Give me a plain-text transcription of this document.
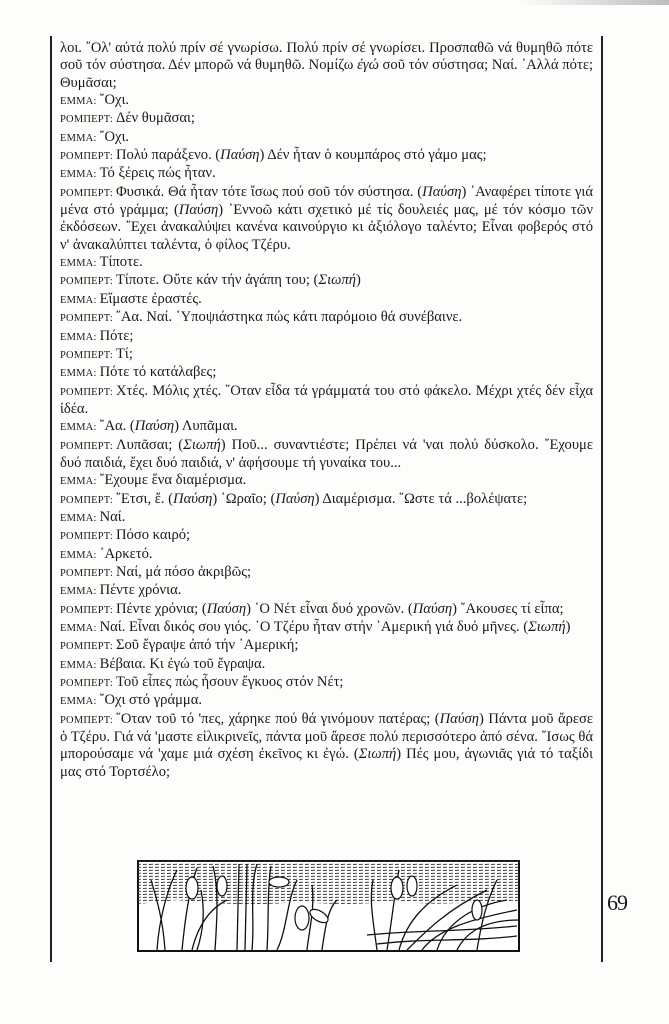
λοι. ῎Ολ' αὐτά πολύ πρίν σέ γνωρίσω. Πολύ πρίν σέ γνωρίσει. Προσπαθῶ νά θυμηθῶ πότε σοῦ τόν σύστησα. Δέν μπορῶ νά θυμηθῶ. Νομίζω ἐγώ σοῦ τόν σύστησα; Ναί. ᾿Αλλά πότε; Θυμᾶσαι;

ΕΜΜΑ: ῎Οχι.

ΡΟΜΠΕΡΤ: Δέν θυμᾶσαι;

ΕΜΜΑ: ῎Οχι.

ΡΟΜΠΕΡΤ: Πολύ παράξενο. (Παύση) Δέν ἦταν ὁ κουμπάρος στό γάμο μας;

ΕΜΜΑ: Τό ξέρεις πώς ἦταν.

ΡΟΜΠΕΡΤ: Φυσικά. Θά ἦταν τότε ἴσως πού σοῦ τόν σύστησα. (Παύση) ᾿Αναφέρει τίποτε γιά μένα στό γράμμα; (Παύση) ᾿Εννοῶ κάτι σχετικό μέ τίς δουλειές μας, μέ τόν κόσμο τῶν ἐκδόσεων. ῎Εχει ἀνακαλύψει κανένα καινούργιο κι ἀξιόλογο ταλέντο; Εἶναι φοβερός στό ν' ἀνακαλύπτει ταλέντα, ὁ φίλος Τζέρυ.

ΕΜΜΑ: Τίποτε.

ΡΟΜΠΕΡΤ: Τίποτε. Οὔτε κάν τήν ἀγάπη του; (Σιωπή)

ΕΜΜΑ: Εἴμαστε ἐραστές.

ΡΟΜΠΕΡΤ: ῎Αα. Ναί. ῾Υποψιάστηκα πώς κάτι παρόμοιο θά συνέβαινε.

ΕΜΜΑ: Πότε;

ΡΟΜΠΕΡΤ: Τί;

ΕΜΜΑ: Πότε τό κατάλαβες;

ΡΟΜΠΕΡΤ: Χτές. Μόλις χτές. ῞Οταν εἶδα τά γράμματά του στό φάκελο. Μέχρι χτές δέν εἶχα ἰδέα.

ΕΜΜΑ: ῎Αα. (Παύση) Λυπᾶμαι.

ΡΟΜΠΕΡΤ: Λυπᾶσαι; (Σιωπή) Ποῦ... συναντιέστε; Πρέπει νά 'ναι πολύ δύσκολο. ῎Εχουμε δυό παιδιά, ἔχει δυό παιδιά, ν' ἀφήσουμε τή γυναίκα του...

ΕΜΜΑ: ῎Εχουμε ἕνα διαμέρισμα.

ΡΟΜΠΕΡΤ: ῎Ετσι, ἔ. (Παύση) ῾Ωραῖο; (Παύση) Διαμέρισμα. ῞Ωστε τά ...βολέψατε;

ΕΜΜΑ: Ναί.

ΡΟΜΠΕΡΤ: Πόσο καιρό;

ΕΜΜΑ: ᾿Αρκετό.

ΡΟΜΠΕΡΤ: Ναί, μά πόσο ἀκριβῶς;

ΕΜΜΑ: Πέντε χρόνια.

ΡΟΜΠΕΡΤ: Πέντε χρόνια; (Παύση) ῾Ο Νέτ εἶναι δυό χρονῶν. (Παύση) ῎Ακουσες τί εἶπα;

ΕΜΜΑ: Ναί. Εἶναι δικός σου γιός. ῾Ο Τζέρυ ἦταν στήν ᾿Αμερική γιά δυό μῆνες. (Σιωπή)

ΡΟΜΠΕΡΤ: Σοῦ ἔγραψε ἀπό τήν ᾿Αμερική;

ΕΜΜΑ: Βέβαια. Κι ἐγώ τοῦ ἔγραψα.

ΡΟΜΠΕΡΤ: Τοῦ εἶπες πώς ἦσουν ἔγκυος στόν Νέτ;

ΕΜΜΑ: ῎Οχι στό γράμμα.

ΡΟΜΠΕΡΤ: ῞Οταν τοῦ τό 'πες, χάρηκε πού θά γινόμουν πατέρας; (Παύση) Πάντα μοῦ ἄρεσε ὁ Τζέρυ. Γιά νά 'μαστε εἰλικρινεῖς, πάντα μοῦ ἄρεσε πολύ περισσότερο ἀπό σένα. ῎Ισως θά μπορούσαμε νά 'χαμε μιά σχέση ἐκεῖνος κι ἐγώ. (Σιωπή) Πές μου, ἀγωνιᾶς γιά τό ταξίδι μας στό Τορτσέλο;

69
